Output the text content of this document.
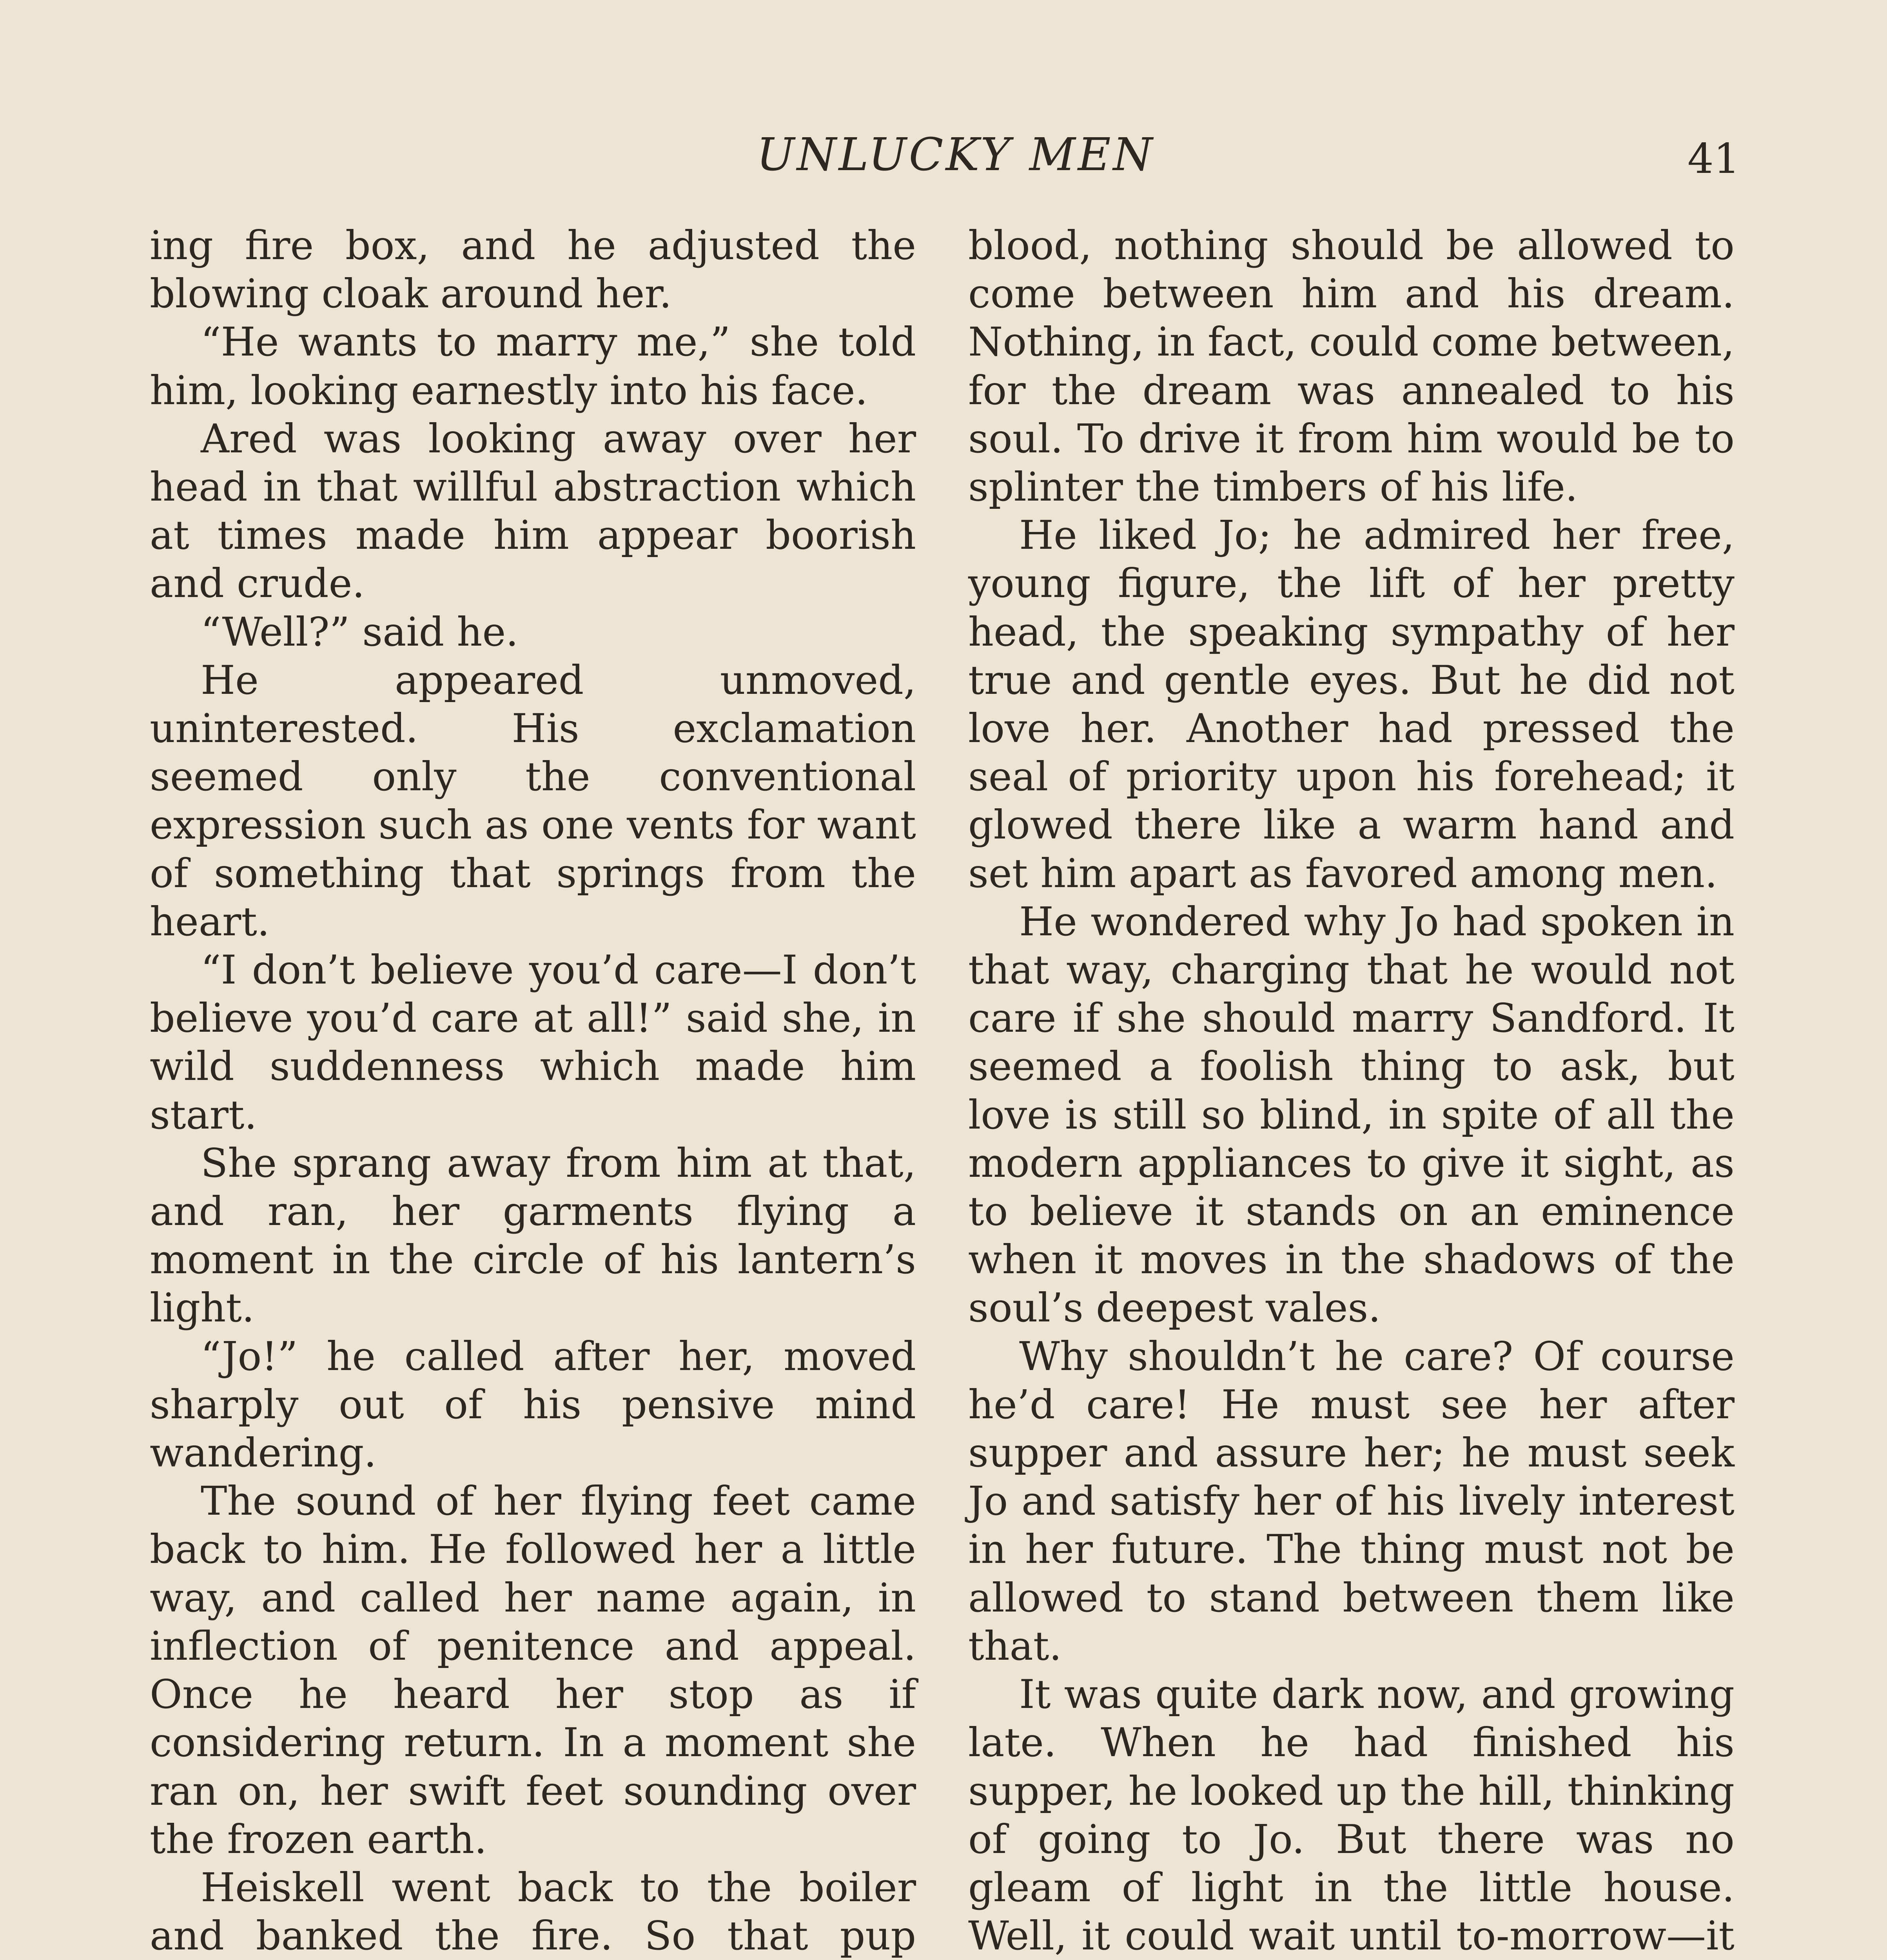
UNLUCKY MEN	41

ing fire box, and he adjusted the blowing cloak around her.

“He wants to marry me,” she told him, looking earnestly into his face.

Ared was looking away over her head in that willful abstraction which at times made him appear boorish and crude.

“Well?” said he.

He appeared unmoved, uninterested. His exclamation seemed only the conventional expression such as one vents for want of something that springs from the heart.

“I don’t believe you’d care—I don’t believe you’d care at all!” said she, in wild suddenness which made him start.

She sprang away from him at that, and ran, her garments flying a moment in the circle of his lantern’s light.

“Jo!” he called after her, moved sharply out of his pensive mind wandering.

The sound of her flying feet came back to him. He followed her a little way, and called her name again, in inflection of penitence and appeal. Once he heard her stop as if considering return. In a moment she ran on, her swift feet sounding over the frozen earth.

Heiskell went back to the boiler and banked the fire. So that pup

blood, nothing should be allowed to come between him and his dream. Nothing, in fact, could come between, for the dream was annealed to his soul. To drive it from him would be to splinter the timbers of his life.

He liked Jo; he admired her free, young figure, the lift of her pretty head, the speaking sympathy of her true and gentle eyes. But he did not love her. Another had pressed the seal of priority upon his forehead; it glowed there like a warm hand and set him apart as favored among men.

He wondered why Jo had spoken in that way, charging that he would not care if she should marry Sandford. It seemed a foolish thing to ask, but love is still so blind, in spite of all the modern appliances to give it sight, as to believe it stands on an eminence when it moves in the shadows of the soul’s deepest vales.

Why shouldn’t he care? Of course he’d care! He must see her after supper and assure her; he must seek Jo and satisfy her of his lively interest in her future. The thing must not be allowed to stand between them like that.

It was quite dark now, and growing late. When he had finished his supper, he looked up the hill, thinking of going to Jo. But there was no gleam of light in the little house. Well, it could wait until to-morrow—it
